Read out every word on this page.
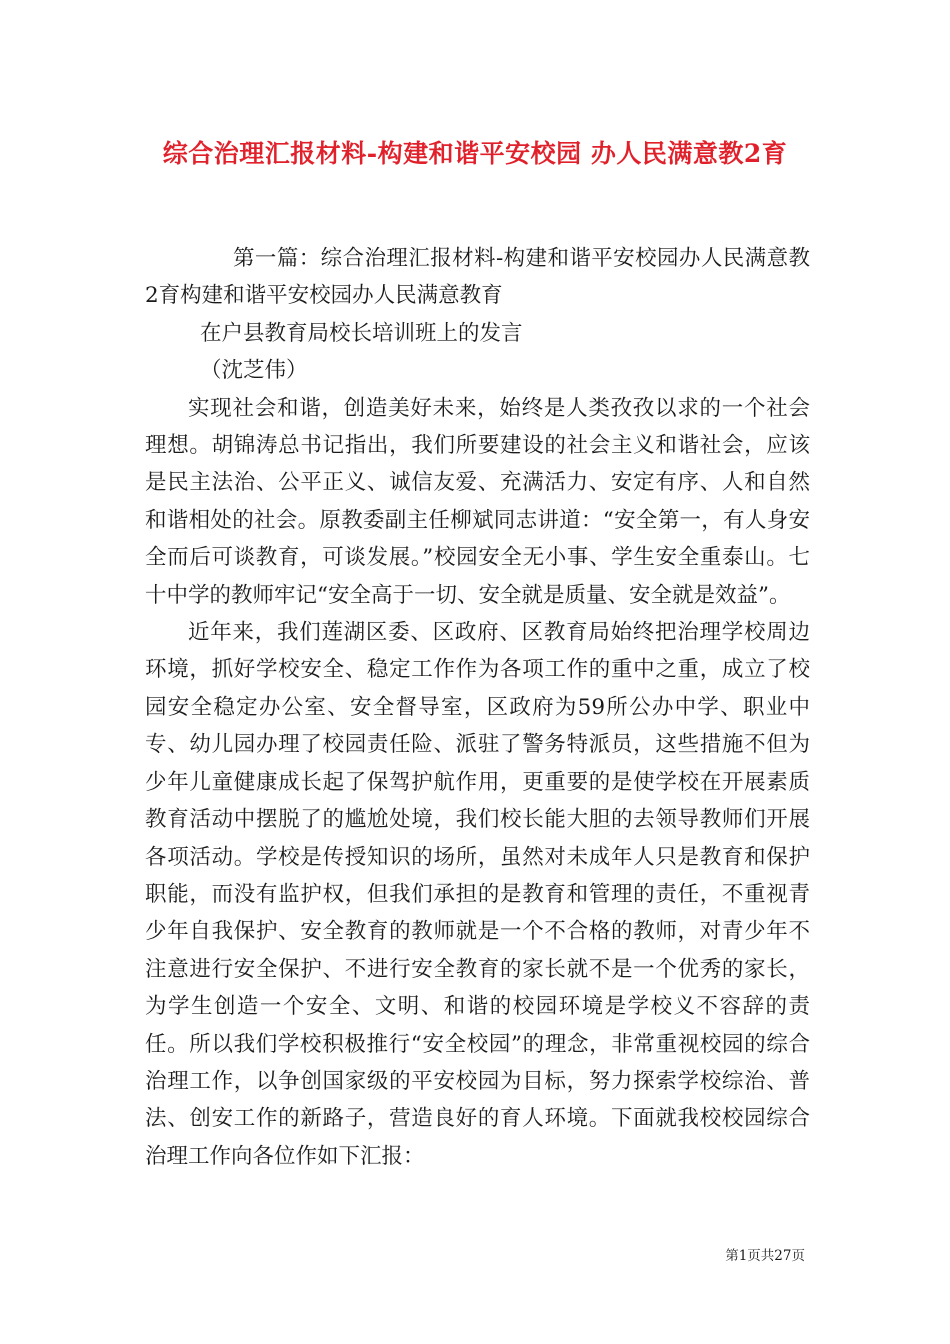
综合治理汇报材料-构建和谐平安校园 办人民满意教2育

第一篇：综合治理汇报材料-构建和谐平安校园办人民满意教2育构建和谐平安校园办人民满意教育

在户县教育局校长培训班上的发言

（沈芝伟）

实现社会和谐，创造美好未来，始终是人类孜孜以求的一个社会理想。胡锦涛总书记指出，我们所要建设的社会主义和谐社会，应该是民主法治、公平正义、诚信友爱、充满活力、安定有序、人和自然和谐相处的社会。原教委副主任柳斌同志讲道：“安全第一，有人身安全而后可谈教育，可谈发展。”校园安全无小事、学生安全重泰山。七十中学的教师牢记“安全高于一切、安全就是质量、安全就是效益”。

近年来，我们莲湖区委、区政府、区教育局始终把治理学校周边环境，抓好学校安全、稳定工作作为各项工作的重中之重，成立了校园安全稳定办公室、安全督导室，区政府为59所公办中学、职业中专、幼儿园办理了校园责任险、派驻了警务特派员，这些措施不但为少年儿童健康成长起了保驾护航作用，更重要的是使学校在开展素质教育活动中摆脱了的尴尬处境，我们校长能大胆的去领导教师们开展各项活动。学校是传授知识的场所，虽然对未成年人只是教育和保护职能，而没有监护权，但我们承担的是教育和管理的责任，不重视青少年自我保护、安全教育的教师就是一个不合格的教师，对青少年不注意进行安全保护、不进行安全教育的家长就不是一个优秀的家长，为学生创造一个安全、文明、和谐的校园环境是学校义不容辞的责任。所以我们学校积极推行“安全校园”的理念，非常重视校园的综合治理工作，以争创国家级的平安校园为目标，努力探索学校综治、普法、创安工作的新路子，营造良好的育人环境。下面就我校校园综合治理工作向各位作如下汇报：

第1页共27页
